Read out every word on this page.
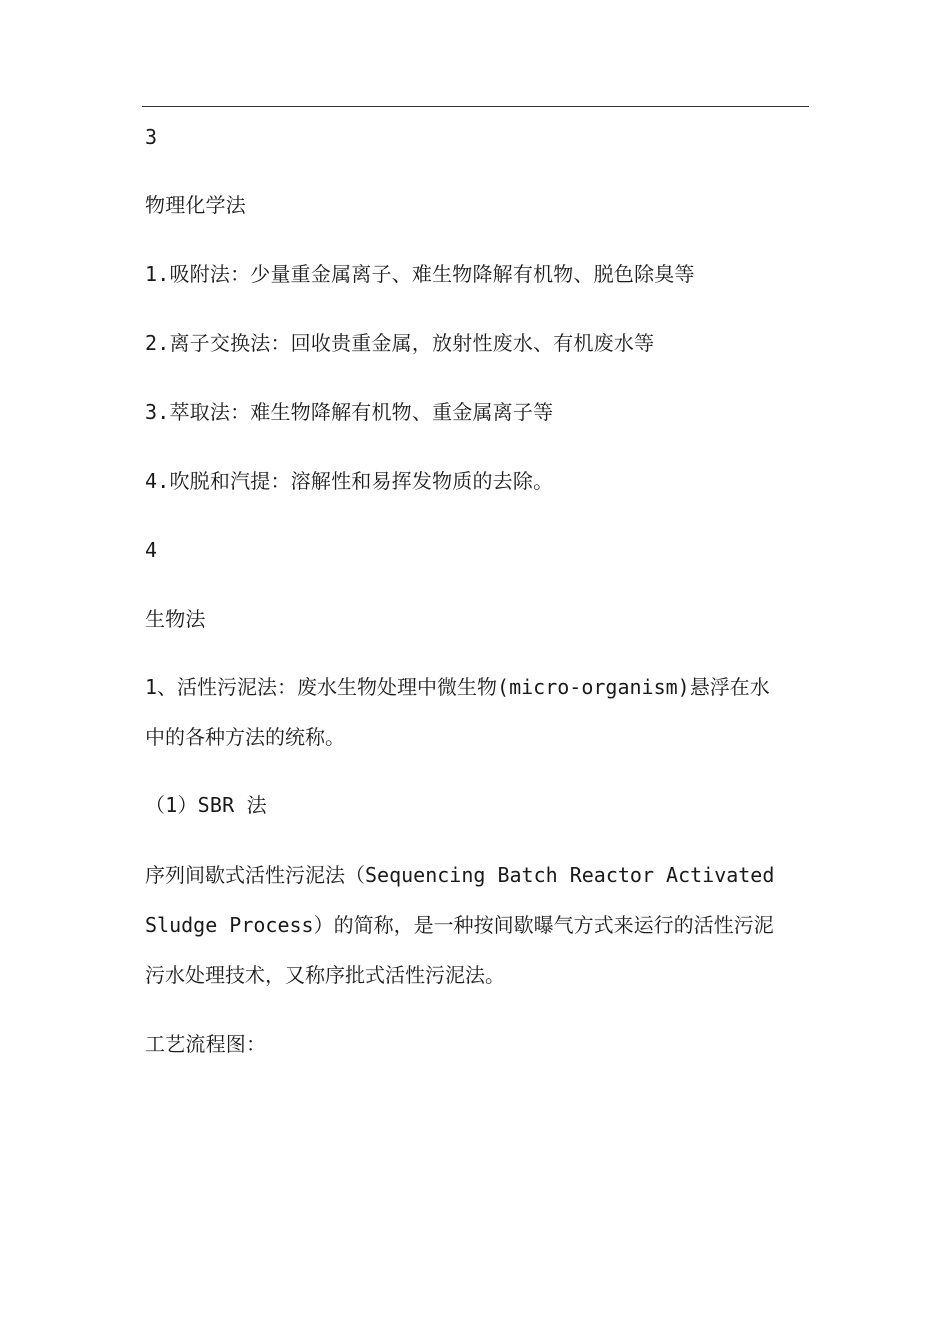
3
物理化学法
1.吸附法：少量重金属离子、难生物降解有机物、脱色除臭等
2.离子交换法：回收贵重金属，放射性废水、有机废水等
3.萃取法：难生物降解有机物、重金属离子等
4.吹脱和汽提：溶解性和易挥发物质的去除。
4
生物法
1、活性污泥法：废水生物处理中微生物(micro-organism)悬浮在水
中的各种方法的统称。
（1）SBR 法
序列间歇式活性污泥法（Sequencing Batch Reactor Activated
Sludge Process）的简称，是一种按间歇曝气方式来运行的活性污泥
污水处理技术，又称序批式活性污泥法。
工艺流程图：
